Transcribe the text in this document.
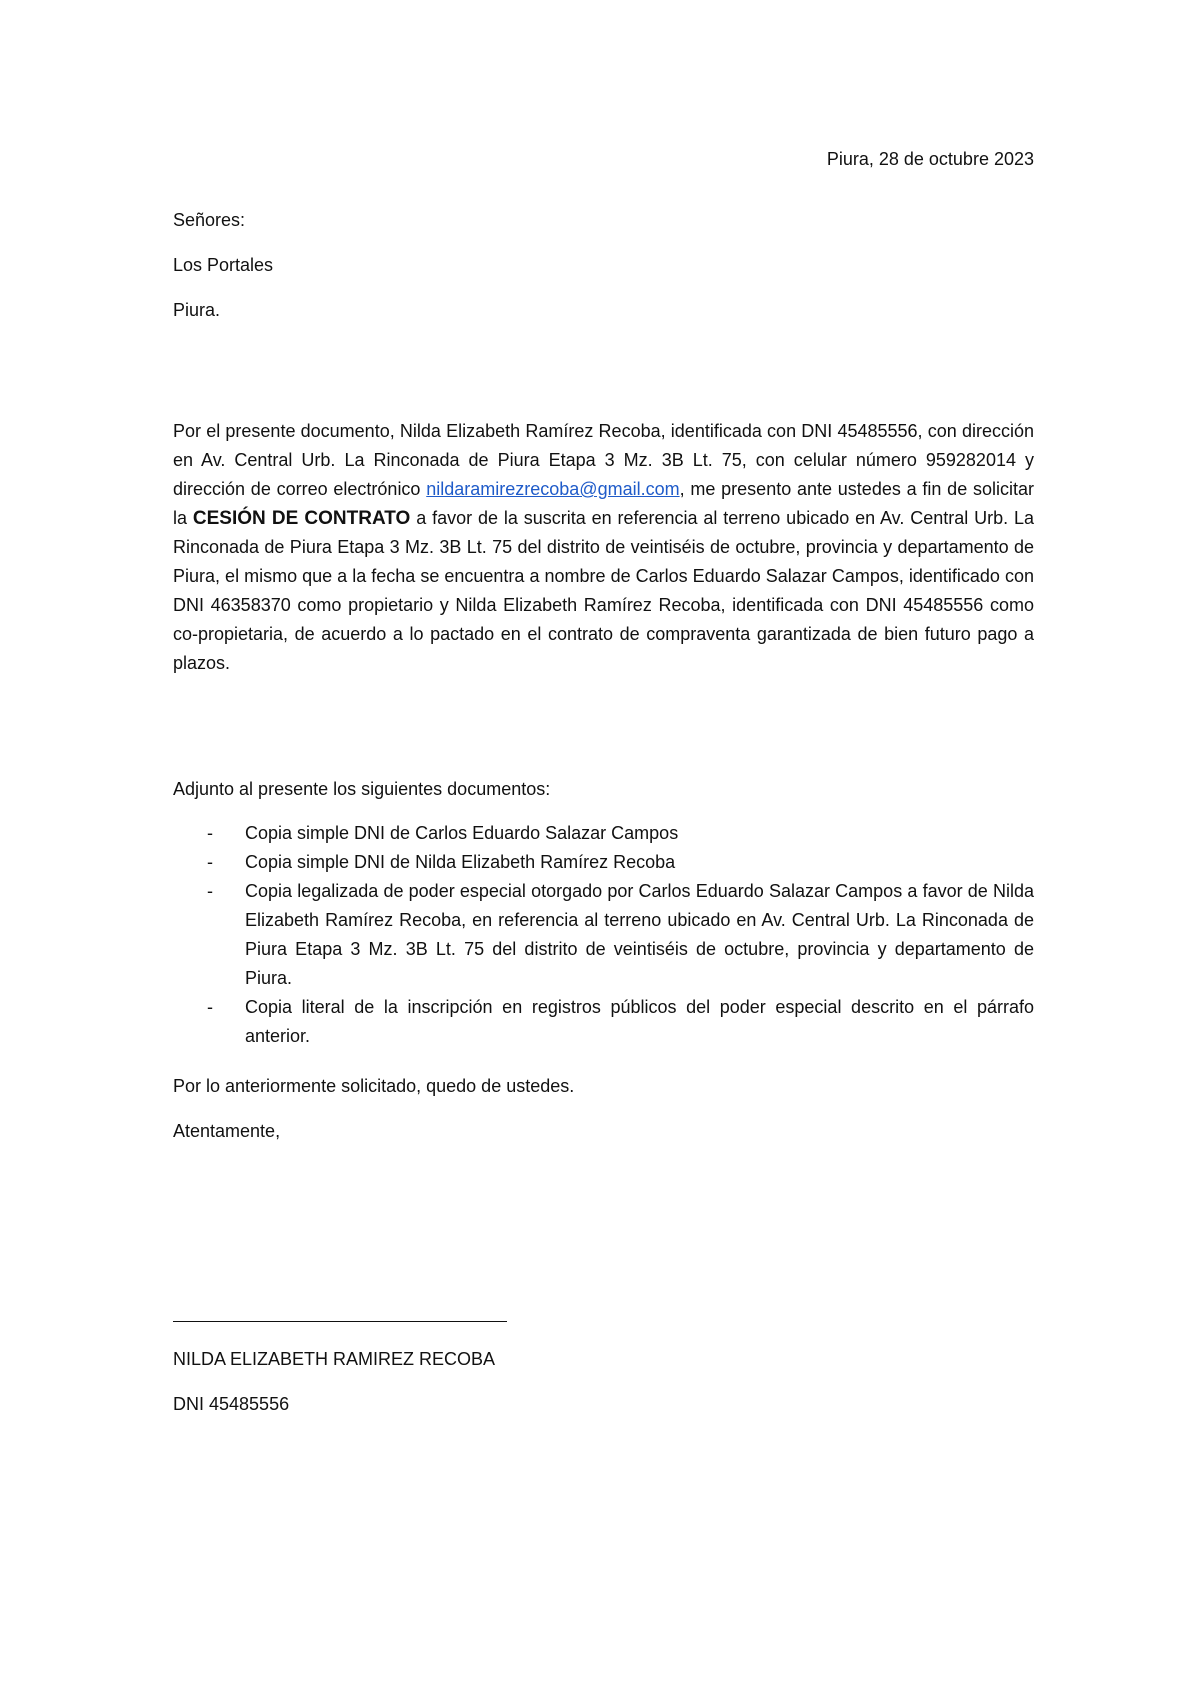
Piura, 28 de octubre 2023

Señores:

Los Portales

Piura.

Por el presente documento, Nilda Elizabeth Ramírez Recoba, identificada con DNI 45485556, con dirección en Av. Central Urb. La Rinconada de Piura Etapa 3 Mz. 3B Lt. 75, con celular número 959282014 y dirección de correo electrónico nildaramirezrecoba@gmail.com, me presento ante ustedes a fin de solicitar la CESIÓN DE CONTRATO a favor de la suscrita en referencia al terreno ubicado en Av. Central Urb. La Rinconada de Piura Etapa 3 Mz. 3B Lt. 75 del distrito de veintiséis de octubre, provincia y departamento de Piura, el mismo que a la fecha se encuentra a nombre de Carlos Eduardo Salazar Campos, identificado con DNI 46358370 como propietario y Nilda Elizabeth Ramírez Recoba, identificada con DNI 45485556 como co-propietaria, de acuerdo a lo pactado en el contrato de compraventa garantizada de bien futuro pago a plazos.

Adjunto al presente los siguientes documentos:

- Copia simple DNI de Carlos Eduardo Salazar Campos
- Copia simple DNI de Nilda Elizabeth Ramírez Recoba
- Copia legalizada de poder especial otorgado por Carlos Eduardo Salazar Campos a favor de Nilda Elizabeth Ramírez Recoba, en referencia al terreno ubicado en Av. Central Urb. La Rinconada de Piura Etapa 3 Mz. 3B Lt. 75 del distrito de veintiséis de octubre, provincia y departamento de Piura.
- Copia literal de la inscripción en registros públicos del poder especial descrito en el párrafo anterior.

Por lo anteriormente solicitado, quedo de ustedes.

Atentamente,

NILDA ELIZABETH RAMIREZ RECOBA

DNI 45485556
